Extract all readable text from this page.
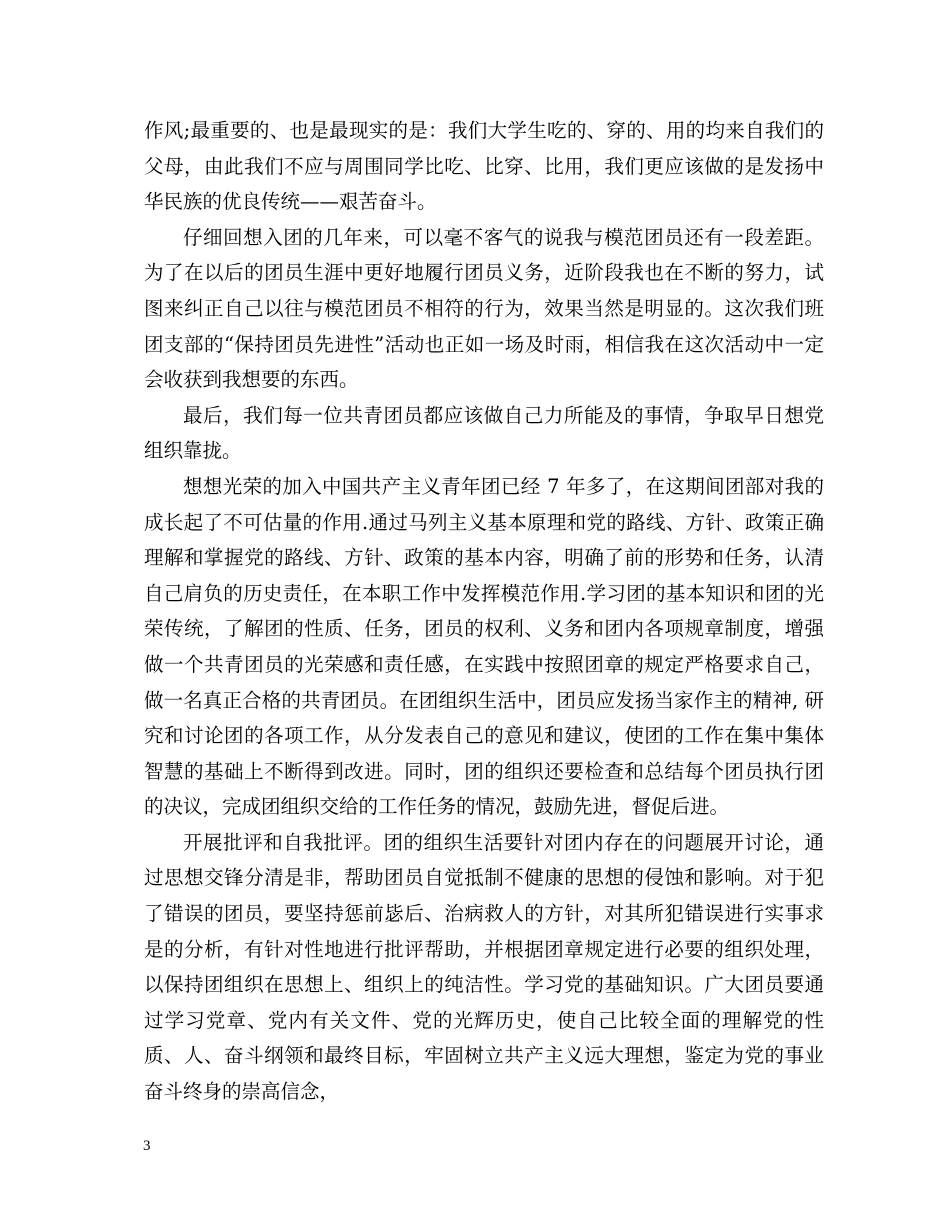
作风;最重要的、也是最现实的是：我们大学生吃的、穿的、用的均来自我们的父母，由此我们不应与周围同学比吃、比穿、比用，我们更应该做的是发扬中华民族的优良传统——艰苦奋斗。

仔细回想入团的几年来，可以毫不客气的说我与模范团员还有一段差距。为了在以后的团员生涯中更好地履行团员义务，近阶段我也在不断的努力，试图来纠正自己以往与模范团员不相符的行为，效果当然是明显的。这次我们班团支部的“保持团员先进性”活动也正如一场及时雨，相信我在这次活动中一定会收获到我想要的东西。

最后，我们每一位共青团员都应该做自己力所能及的事情，争取早日想党组织靠拢。

想想光荣的加入中国共产主义青年团已经 7 年多了，在这期间团部对我的成长起了不可估量的作用.通过马列主义基本原理和党的路线、方针、政策正确理解和掌握党的路线、方针、政策的基本内容，明确了前的形势和任务，认清自己肩负的历史责任，在本职工作中发挥模范作用.学习团的基本知识和团的光荣传统，了解团的性质、任务，团员的权利、义务和团内各项规章制度，增强做一个共青团员的光荣感和责任感，在实践中按照团章的规定严格要求自己，做一名真正合格的共青团员。在团组织生活中，团员应发扬当家作主的精神, 研究和讨论团的各项工作，从分发表自己的意见和建议，使团的工作在集中集体智慧的基础上不断得到改进。同时，团的组织还要检查和总结每个团员执行团的决议，完成团组织交给的工作任务的情况，鼓励先进，督促后进。

开展批评和自我批评。团的组织生活要针对团内存在的问题展开讨论，通过思想交锋分清是非，帮助团员自觉抵制不健康的思想的侵蚀和影响。对于犯了错误的团员，要坚持惩前毖后、治病救人的方针，对其所犯错误进行实事求是的分析，有针对性地进行批评帮助，并根据团章规定进行必要的组织处理，以保持团组织在思想上、组织上的纯洁性。学习党的基础知识。广大团员要通过学习党章、党内有关文件、党的光辉历史，使自己比较全面的理解党的性质、人、奋斗纲领和最终目标，牢固树立共产主义远大理想，鉴定为党的事业奋斗终身的崇高信念，

3
